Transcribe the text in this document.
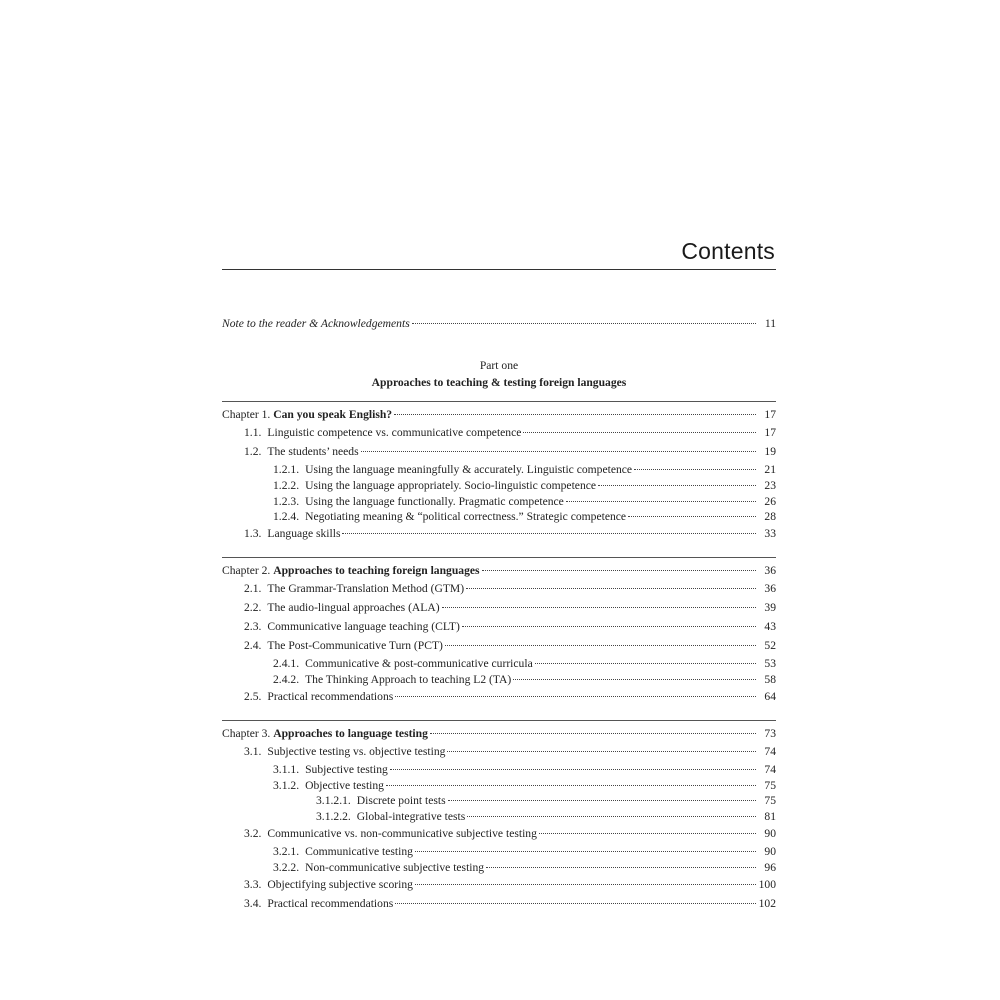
Contents
Note to the reader & Acknowledgements	11
Part one
Approaches to teaching & testing foreign languages
Chapter 1. Can you speak English?	17
1.1. Linguistic competence vs. communicative competence	17
1.2. The students’ needs	19
1.2.1. Using the language meaningfully & accurately. Linguistic competence	21
1.2.2. Using the language appropriately. Socio-linguistic competence	23
1.2.3. Using the language functionally. Pragmatic competence	26
1.2.4. Negotiating meaning & “political correctness.” Strategic competence	28
1.3. Language skills	33
Chapter 2. Approaches to teaching foreign languages	36
2.1. The Grammar-Translation Method (GTM)	36
2.2. The audio-lingual approaches (ALA)	39
2.3. Communicative language teaching (CLT)	43
2.4. The Post-Communicative Turn (PCT)	52
2.4.1. Communicative & post-communicative curricula	53
2.4.2. The Thinking Approach to teaching L2 (TA)	58
2.5. Practical recommendations	64
Chapter 3. Approaches to language testing	73
3.1. Subjective testing vs. objective testing	74
3.1.1. Subjective testing	74
3.1.2. Objective testing	75
3.1.2.1. Discrete point tests	75
3.1.2.2. Global-integrative tests	81
3.2. Communicative vs. non-communicative subjective testing	90
3.2.1. Communicative testing	90
3.2.2. Non-communicative subjective testing	96
3.3. Objectifying subjective scoring	100
3.4. Practical recommendations	102
